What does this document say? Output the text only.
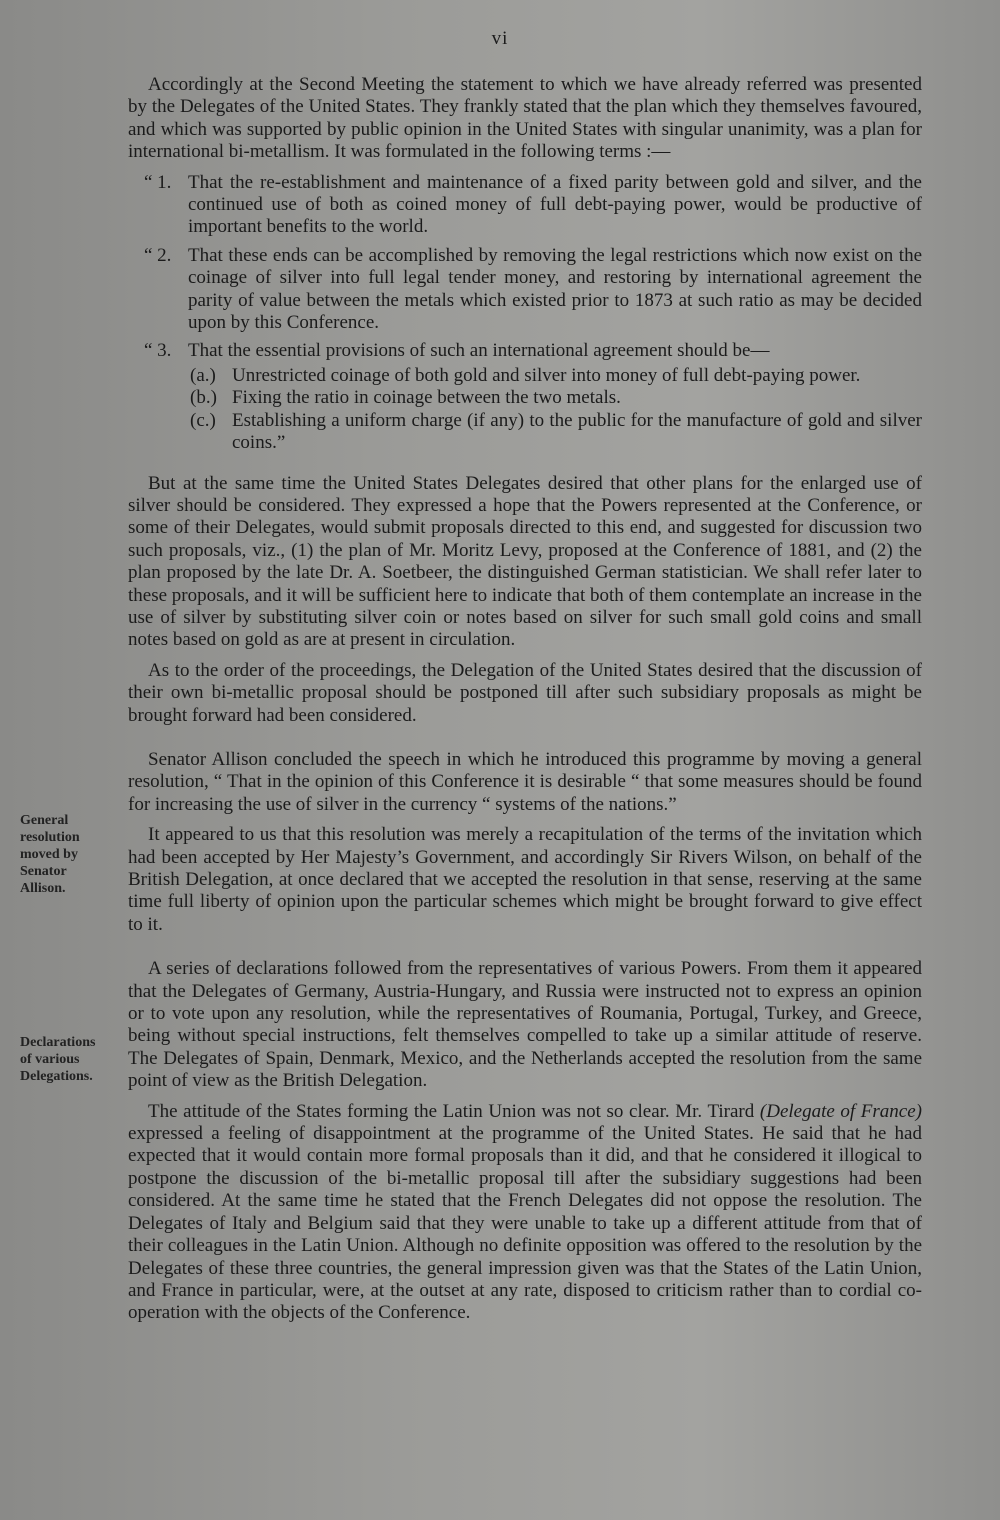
vi
General
resolution
moved by
Senator
Allison.
Declarations
of various
Delegations.

Accordingly at the Second Meeting the statement to which we have already referred was presented by the Delegates of the United States. They frankly stated that the plan which they themselves favoured, and which was supported by public opinion in the United States with singular unanimity, was a plan for international bi-metallism. It was formulated in the following terms :—

“ 1. That the re-establishment and maintenance of a fixed parity between gold and silver, and the continued use of both as coined money of full debt-paying power, would be productive of important benefits to the world.

“ 2. That these ends can be accomplished by removing the legal restrictions which now exist on the coinage of silver into full legal tender money, and restoring by international agreement the parity of value between the metals which existed prior to 1873 at such ratio as may be decided upon by this Conference.

“ 3. That the essential provisions of such an international agreement should be—

(a.) Unrestricted coinage of both gold and silver into money of full debt-paying power.

(b.) Fixing the ratio in coinage between the two metals.

(c.) Establishing a uniform charge (if any) to the public for the manufacture of gold and silver coins.”

But at the same time the United States Delegates desired that other plans for the enlarged use of silver should be considered. They expressed a hope that the Powers represented at the Conference, or some of their Delegates, would submit proposals directed to this end, and suggested for discussion two such proposals, viz., (1) the plan of Mr. Moritz Levy, proposed at the Conference of 1881, and (2) the plan proposed by the late Dr. A. Soetbeer, the distinguished German statistician. We shall refer later to these proposals, and it will be sufficient here to indicate that both of them contemplate an increase in the use of silver by substituting silver coin or notes based on silver for such small gold coins and small notes based on gold as are at present in circulation.

As to the order of the proceedings, the Delegation of the United States desired that the discussion of their own bi-metallic proposal should be postponed till after such subsidiary proposals as might be brought forward had been considered.

Senator Allison concluded the speech in which he introduced this programme by moving a general resolution, “ That in the opinion of this Conference it is desirable “ that some measures should be found for increasing the use of silver in the currency “ systems of the nations.”

It appeared to us that this resolution was merely a recapitulation of the terms of the invitation which had been accepted by Her Majesty’s Government, and accordingly Sir Rivers Wilson, on behalf of the British Delegation, at once declared that we accepted the resolution in that sense, reserving at the same time full liberty of opinion upon the particular schemes which might be brought forward to give effect to it.

A series of declarations followed from the representatives of various Powers. From them it appeared that the Delegates of Germany, Austria-Hungary, and Russia were instructed not to express an opinion or to vote upon any resolution, while the representatives of Roumania, Portugal, Turkey, and Greece, being without special instructions, felt themselves compelled to take up a similar attitude of reserve. The Delegates of Spain, Denmark, Mexico, and the Netherlands accepted the resolution from the same point of view as the British Delegation.

The attitude of the States forming the Latin Union was not so clear. Mr. Tirard (Delegate of France) expressed a feeling of disappointment at the programme of the United States. He said that he had expected that it would contain more formal proposals than it did, and that he considered it illogical to postpone the discussion of the bi-metallic proposal till after the subsidiary suggestions had been considered. At the same time he stated that the French Delegates did not oppose the resolution. The Delegates of Italy and Belgium said that they were unable to take up a different attitude from that of their colleagues in the Latin Union. Although no definite opposition was offered to the resolution by the Delegates of these three countries, the general impression given was that the States of the Latin Union, and France in particular, were, at the outset at any rate, disposed to criticism rather than to cordial co-operation with the objects of the Conference.
